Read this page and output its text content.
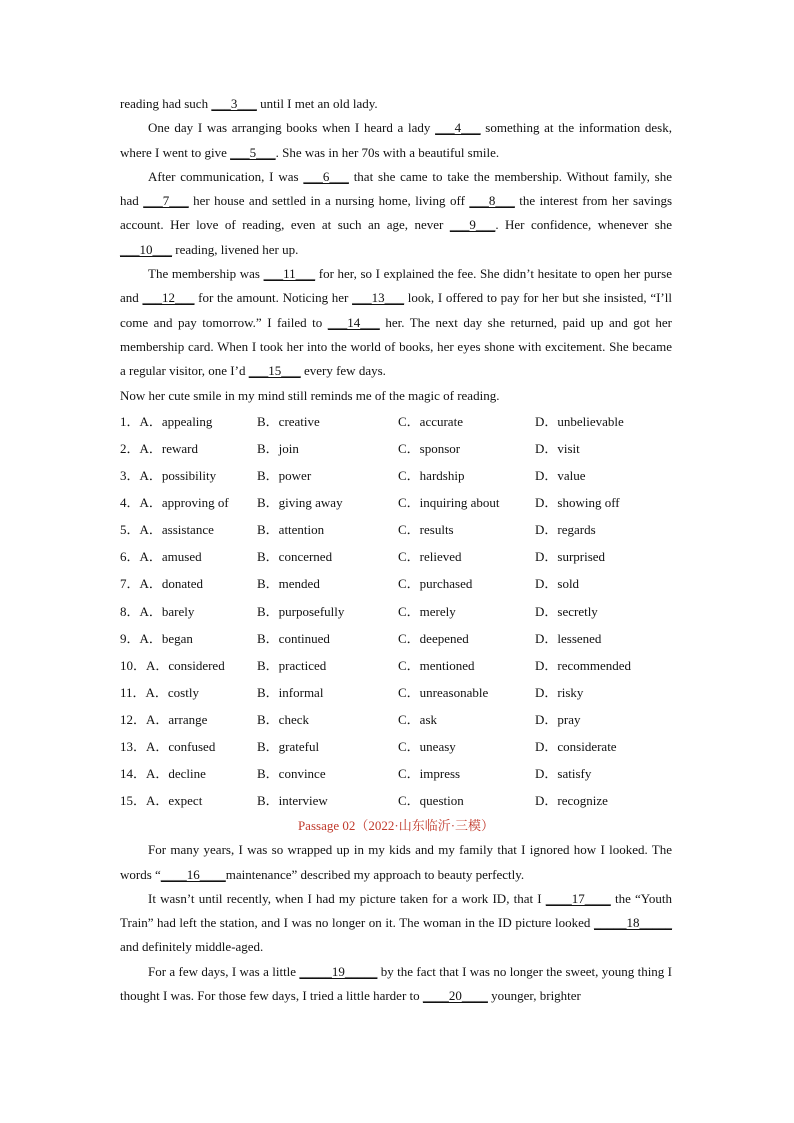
reading had such ___3___ until I met an old lady.

One day I was arranging books when I heard a lady ___4___ something at the information desk, where I went to give ___5___. She was in her 70s with a beautiful smile.

After communication, I was ___6___ that she came to take the membership. Without family, she had ___7___ her house and settled in a nursing home, living off ___8___ the interest from her savings account. Her love of reading, even at such an age, never ___9___. Her confidence, whenever she ___10___ reading, livened her up.

The membership was ___11___ for her, so I explained the fee. She didn’t hesitate to open her purse and ___12___ for the amount. Noticing her ___13___ look, I offered to pay for her but she insisted, “I’ll come and pay tomorrow.” I failed to ___14___ her. The next day she returned, paid up and got her membership card. When I took her into the world of books, her eyes shone with excitement. She became a regular visitor, one I’d ___15___ every few days.

Now her cute smile in my mind still reminds me of the magic of reading.

1．A．appealing	B．creative	C．accurate	D．unbelievable
2．A．reward	B．join	C．sponsor	D．visit
3．A．possibility	B．power	C．hardship	D．value
4．A．approving of	B．giving away	C．inquiring about	D．showing off
5．A．assistance	B．attention	C．results	D．regards
6．A．amused	B．concerned	C．relieved	D．surprised
7．A．donated	B．mended	C．purchased	D．sold
8．A．barely	B．purposefully	C．merely	D．secretly
9．A．began	B．continued	C．deepened	D．lessened
10．A．considered	B．practiced	C．mentioned	D．recommended
11．A．costly	B．informal	C．unreasonable	D．risky
12．A．arrange	B．check	C．ask	D．pray
13．A．confused	B．grateful	C．uneasy	D．considerate
14．A．decline	B．convince	C．impress	D．satisfy
15．A．expect	B．interview	C．question	D．recognize
Passage 02（2022·山东临沂·三模）

For many years, I was so wrapped up in my kids and my family that I ignored how I looked. The words “____16____maintenance” described my approach to beauty perfectly.

It wasn’t until recently, when I had my picture taken for a work ID, that I ____17____ the “Youth Train” had left the station, and I was no longer on it. The woman in the ID picture looked _____18_____ and definitely middle-aged.

For a few days, I was a little _____19_____ by the fact that I was no longer the sweet, young thing I thought I was. For those few days, I tried a little harder to ____20____ younger, brighter
